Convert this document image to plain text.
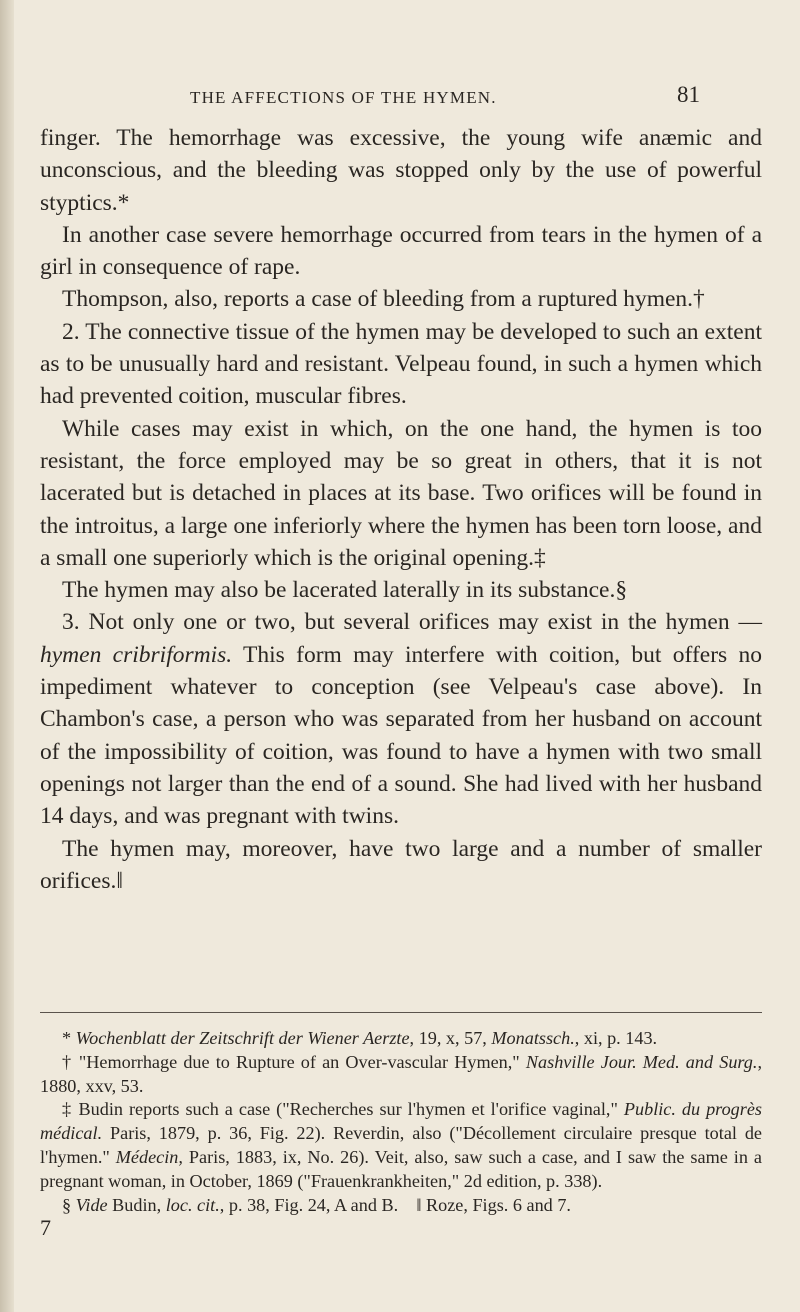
THE AFFECTIONS OF THE HYMEN.	81

finger. The hemorrhage was excessive, the young wife anæmic and unconscious, and the bleeding was stopped only by the use of powerful styptics.*

In another case severe hemorrhage occurred from tears in the hymen of a girl in consequence of rape.

Thompson, also, reports a case of bleeding from a ruptured hymen.†

2. The connective tissue of the hymen may be developed to such an extent as to be unusually hard and resistant. Velpeau found, in such a hymen which had prevented coition, muscular fibres.

While cases may exist in which, on the one hand, the hymen is too resistant, the force employed may be so great in others, that it is not lacerated but is detached in places at its base. Two orifices will be found in the introitus, a large one inferiorly where the hymen has been torn loose, and a small one superiorly which is the original opening.‡

The hymen may also be lacerated laterally in its substance.§

3. Not only one or two, but several orifices may exist in the hymen — hymen cribriformis. This form may interfere with coition, but offers no impediment whatever to conception (see Velpeau's case above). In Chambon's case, a person who was separated from her husband on account of the impossibility of coition, was found to have a hymen with two small openings not larger than the end of a sound. She had lived with her husband 14 days, and was pregnant with twins.

The hymen may, moreover, have two large and a number of smaller orifices.‖

* Wochenblatt der Zeitschrift der Wiener Aerzte, 19, x, 57, Monatssch., xi, p. 143.

† "Hemorrhage due to Rupture of an Over-vascular Hymen," Nashville Jour. Med. and Surg., 1880, xxv, 53.

‡ Budin reports such a case ("Recherches sur l'hymen et l'orifice vaginal," Public. du progrès médical. Paris, 1879, p. 36, Fig. 22). Reverdin, also ("Décollement circulaire presque total de l'hymen." Médecin, Paris, 1883, ix, No. 26). Veit, also, saw such a case, and I saw the same in a pregnant woman, in October, 1869 ("Frauenkrankheiten," 2d edition, p. 338).

§ Vide Budin, loc. cit., p. 38, Fig. 24, A and B. ‖ Roze, Figs. 6 and 7.

7
